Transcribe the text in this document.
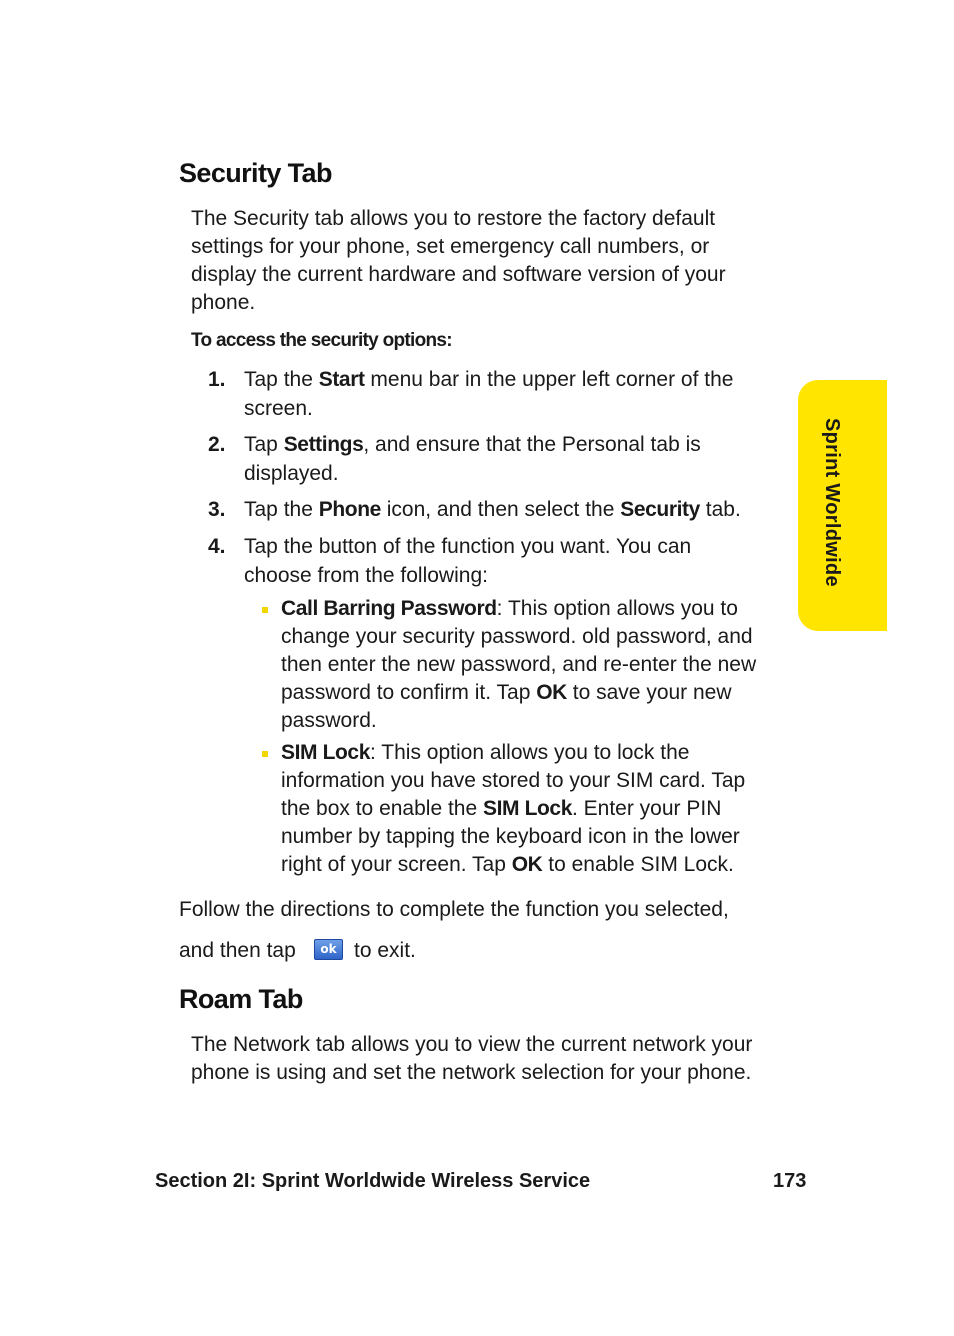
Security Tab

The Security tab allows you to restore the factory default settings for your phone, set emergency call numbers, or display the current hardware and software version of your phone.

To access the security options:

1. Tap the Start menu bar in the upper left corner of the screen.
2. Tap Settings, and ensure that the Personal tab is displayed.
3. Tap the Phone icon, and then select the Security tab.
4. Tap the button of the function you want. You can choose from the following:
Call Barring Password: This option allows you to change your security password. old password, and then enter the new password, and re-enter the new password to confirm it. Tap OK to save your new password.
SIM Lock: This option allows you to lock the information you have stored to your SIM card. Tap the box to enable the SIM Lock. Enter your PIN number by tapping the keyboard icon in the lower right of your screen. Tap OK to enable SIM Lock.

Follow the directions to complete the function you selected,

and then tap	ok to exit.

Roam Tab

The Network tab allows you to view the current network your phone is using and set the network selection for your phone.

Sprint Worldwide
Section 2I: Sprint Worldwide Wireless Service	173
